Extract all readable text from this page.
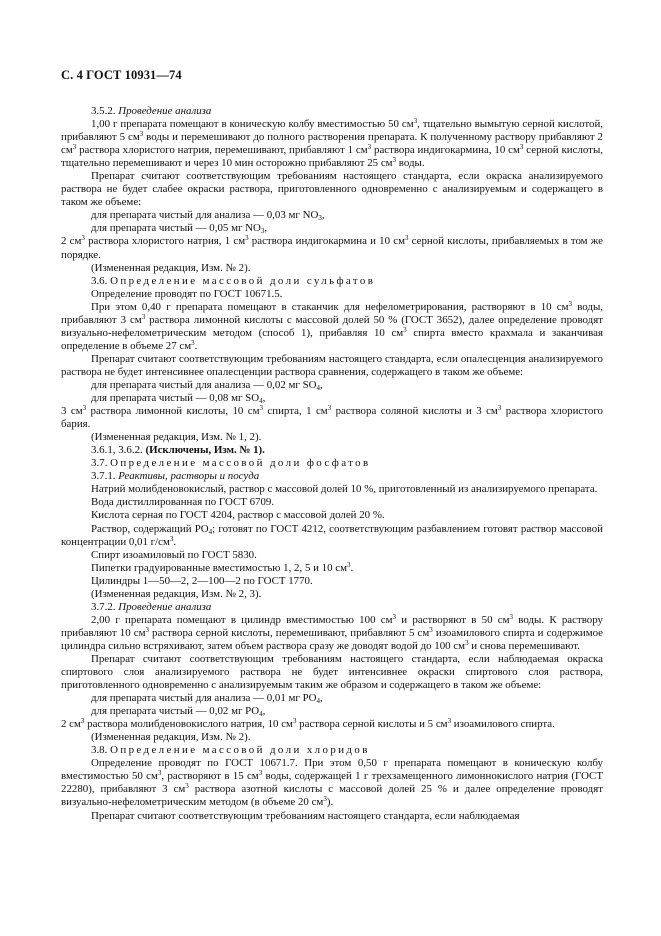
С. 4 ГОСТ 10931—74

3.5.2. Проведение анализа

1,00 г препарата помещают в коническую колбу вместимостью 50 $см^3$, тщательно вымытую серной кислотой, прибавляют 5 $см^3$ воды и перемешивают до полного растворения препарата. К полученному раствору прибавляют 2 $см^3$ раствора хлористого натрия, перемешивают, прибавляют 1 $см^3$ раствора индигокармина, 10 $см^3$ серной кислоты, тщательно перемешивают и через 10 мин осторожно прибавляют 25 $см^3$ воды.

Препарат считают соответствующим требованиям настоящего стандарта, если окраска анализируемого раствора не будет слабее окраски раствора, приготовленного одновременно с анализируемым и содержащего в таком же объеме:

для препарата чистый для анализа — 0,03 мг $NO_3$,

для препарата чистый — 0,05 мг $NO_3$,

2 $см^3$ раствора хлористого натрия, 1 $см^3$ раствора индигокармина и 10 $см^3$ серной кислоты, прибавляемых в том же порядке.

(Измененная редакция, Изм. № 2).

3.6. Определение массовой доли сульфатов

Определение проводят по ГОСТ 10671.5.

При этом 0,40 г препарата помещают в стаканчик для нефелометрирования, растворяют в 10 $см^3$ воды, прибавляют 3 $см^3$ раствора лимонной кислоты с массовой долей 50 % (ГОСТ 3652), далее определение проводят визуально-нефелометрическим методом (способ 1), прибавляя 10 $см^3$ спирта вместо крахмала и заканчивая определение в объеме 27 $см^3$.

Препарат считают соответствующим требованиям настоящего стандарта, если опалесценция анализируемого раствора не будет интенсивнее опалесценции раствора сравнения, содержащего в таком же объеме:

для препарата чистый для анализа — 0,02 мг $SO_4$,

для препарата чистый — 0,08 мг $SO_4$,

3 $см^3$ раствора лимонной кислоты, 10 $см^3$ спирта, 1 $см^3$ раствора соляной кислоты и 3 $см^3$ раствора хлористого бария.

(Измененная редакция, Изм. № 1, 2).

3.6.1, 3.6.2. (Исключены, Изм. № 1).

3.7. Определение массовой доли фосфатов

3.7.1. Реактивы, растворы и посуда

Натрий молибденовокислый, раствор с массовой долей 10 %, приготовленный из анализируемого препарата.

Вода дистиллированная по ГОСТ 6709.

Кислота серная по ГОСТ 4204, раствор с массовой долей 20 %.

Раствор, содержащий $PO_4$; готовят по ГОСТ 4212, соответствующим разбавлением готовят раствор массовой концентрации 0,01 $г/см^3$.

Спирт изоамиловый по ГОСТ 5830.

Пипетки градуированные вместимостью 1, 2, 5 и 10 $см^3$.

Цилиндры 1—50—2, 2—100—2 по ГОСТ 1770.

(Измененная редакция, Изм. № 2, 3).

3.7.2. Проведение анализа

2,00 г препарата помещают в цилиндр вместимостью 100 $см^3$ и растворяют в 50 $см^3$ воды. К раствору прибавляют 10 $см^3$ раствора серной кислоты, перемешивают, прибавляют 5 $см^3$ изоамилового спирта и содержимое цилиндра сильно встряхивают, затем объем раствора сразу же доводят водой до 100 $см^3$ и снова перемешивают.

Препарат считают соответствующим требованиям настоящего стандарта, если наблюдаемая окраска спиртового слоя анализируемого раствора не будет интенсивнее окраски спиртового слоя раствора, приготовленного одновременно с анализируемым таким же образом и содержащего в таком же объеме:

для препарата чистый для анализа — 0,01 мг $PO_4$,

для препарата чистый — 0,02 мг $PO_4$,

2 $см^3$ раствора молибденовокислого натрия, 10 $см^3$ раствора серной кислоты и 5 $см^3$ изоамилового спирта.

(Измененная редакция, Изм. № 2).

3.8. Определение массовой доли хлоридов

Определение проводят по ГОСТ 10671.7. При этом 0,50 г препарата помещают в коническую колбу вместимостью 50 $см^3$, растворяют в 15 $см^3$ воды, содержащей 1 г трехзамещенного лимоннокислого натрия (ГОСТ 22280), прибавляют 3 $см^3$ раствора азотной кислоты с массовой долей 25 % и далее определение проводят визуально-нефелометрическим методом (в объеме 20 $см^3$).

Препарат считают соответствующим требованиям настоящего стандарта, если наблюдаемая
